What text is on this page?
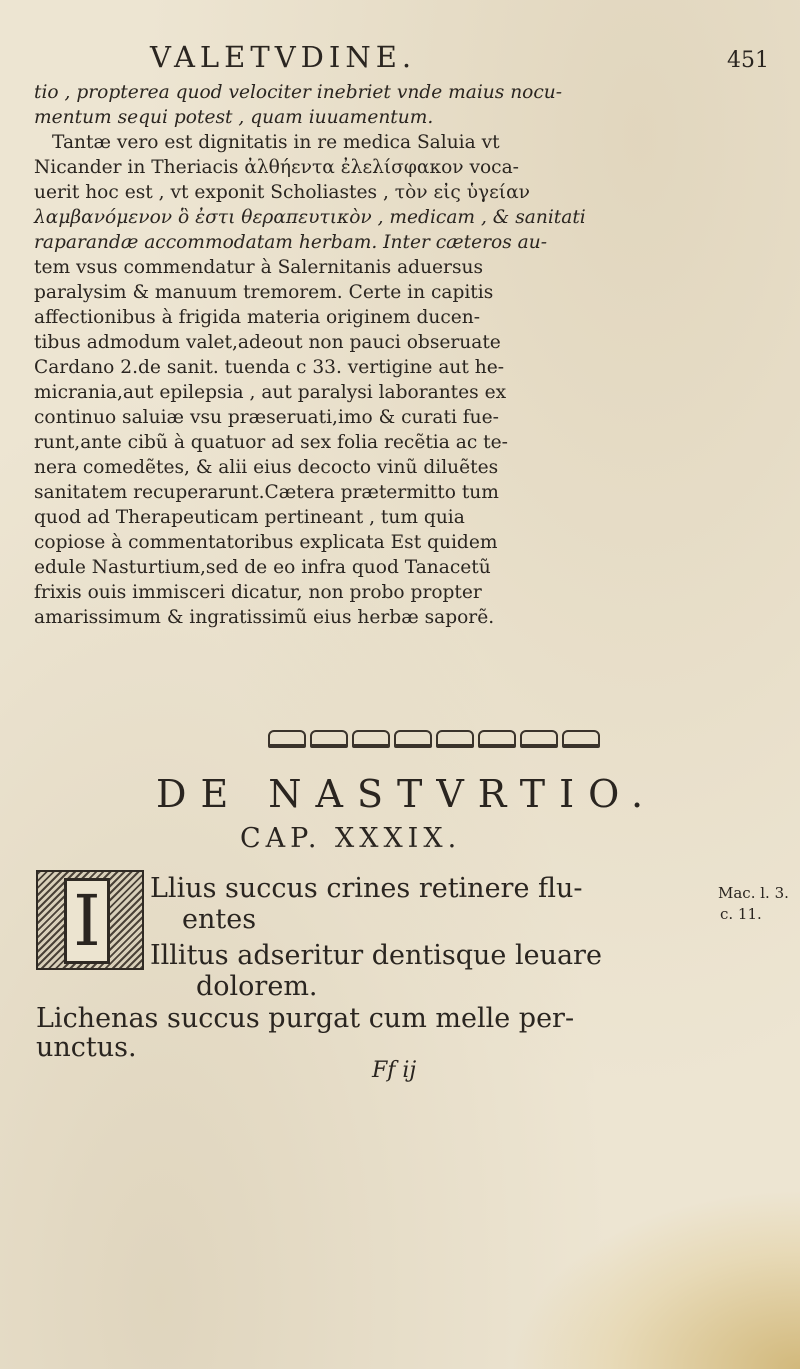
VALETVDINE.	451
tio , propterea quod velociter inebriet vnde maius nocu-
mentum sequi potest , quam iuuamentum.
Tantæ vero est dignitatis in re medica Saluia vt
Nicander in Theriacis ἀλθήεντα ἐλελίσφακον voca-
uerit hoc est , vt exponit Scholiastes , τὸν εἰς ὑγείαν
λαμβανόμενον ὃ ἐστι θεραπευτικὸν , medicam , & sanitati
raparandæ accommodatam herbam. Inter cæteros au-
tem vsus commendatur à Salernitanis aduersus
paralysim & manuum tremorem. Certe in capitis
affectionibus à frigida materia originem ducen-
tibus admodum valet,adeout non pauci obseruate
Cardano 2.de sanit. tuenda c 33. vertigine aut he-
micrania,aut epilepsia , aut paralysi laborantes ex
continuo saluiæ vsu præseruati,imo & curati fue-
runt,ante cibũ à quatuor ad sex folia recẽtia ac te-
nera comedẽtes, & alii eius decocto vinũ diluẽtes
sanitatem recuperarunt.Cætera prætermitto tum
quod ad Therapeuticam pertineant , tum quia
copiose à commentatoribus explicata Est quidem
edule Nasturtium,sed de eo infra quod Tanacetũ
frixis ouis immisceri dicatur, non probo propter
amarissimum & ingratissimũ eius herbæ saporẽ.
DE NASTVRTIO.
CAP. XXXIX.
I	Llius succus crines retinere flu-
entes
Illitus adseritur dentisque leuare
dolorem.
Lichenas succus purgat cum melle per-
unctus.
Mac. l. 3.
c. 11.
Ff ij
